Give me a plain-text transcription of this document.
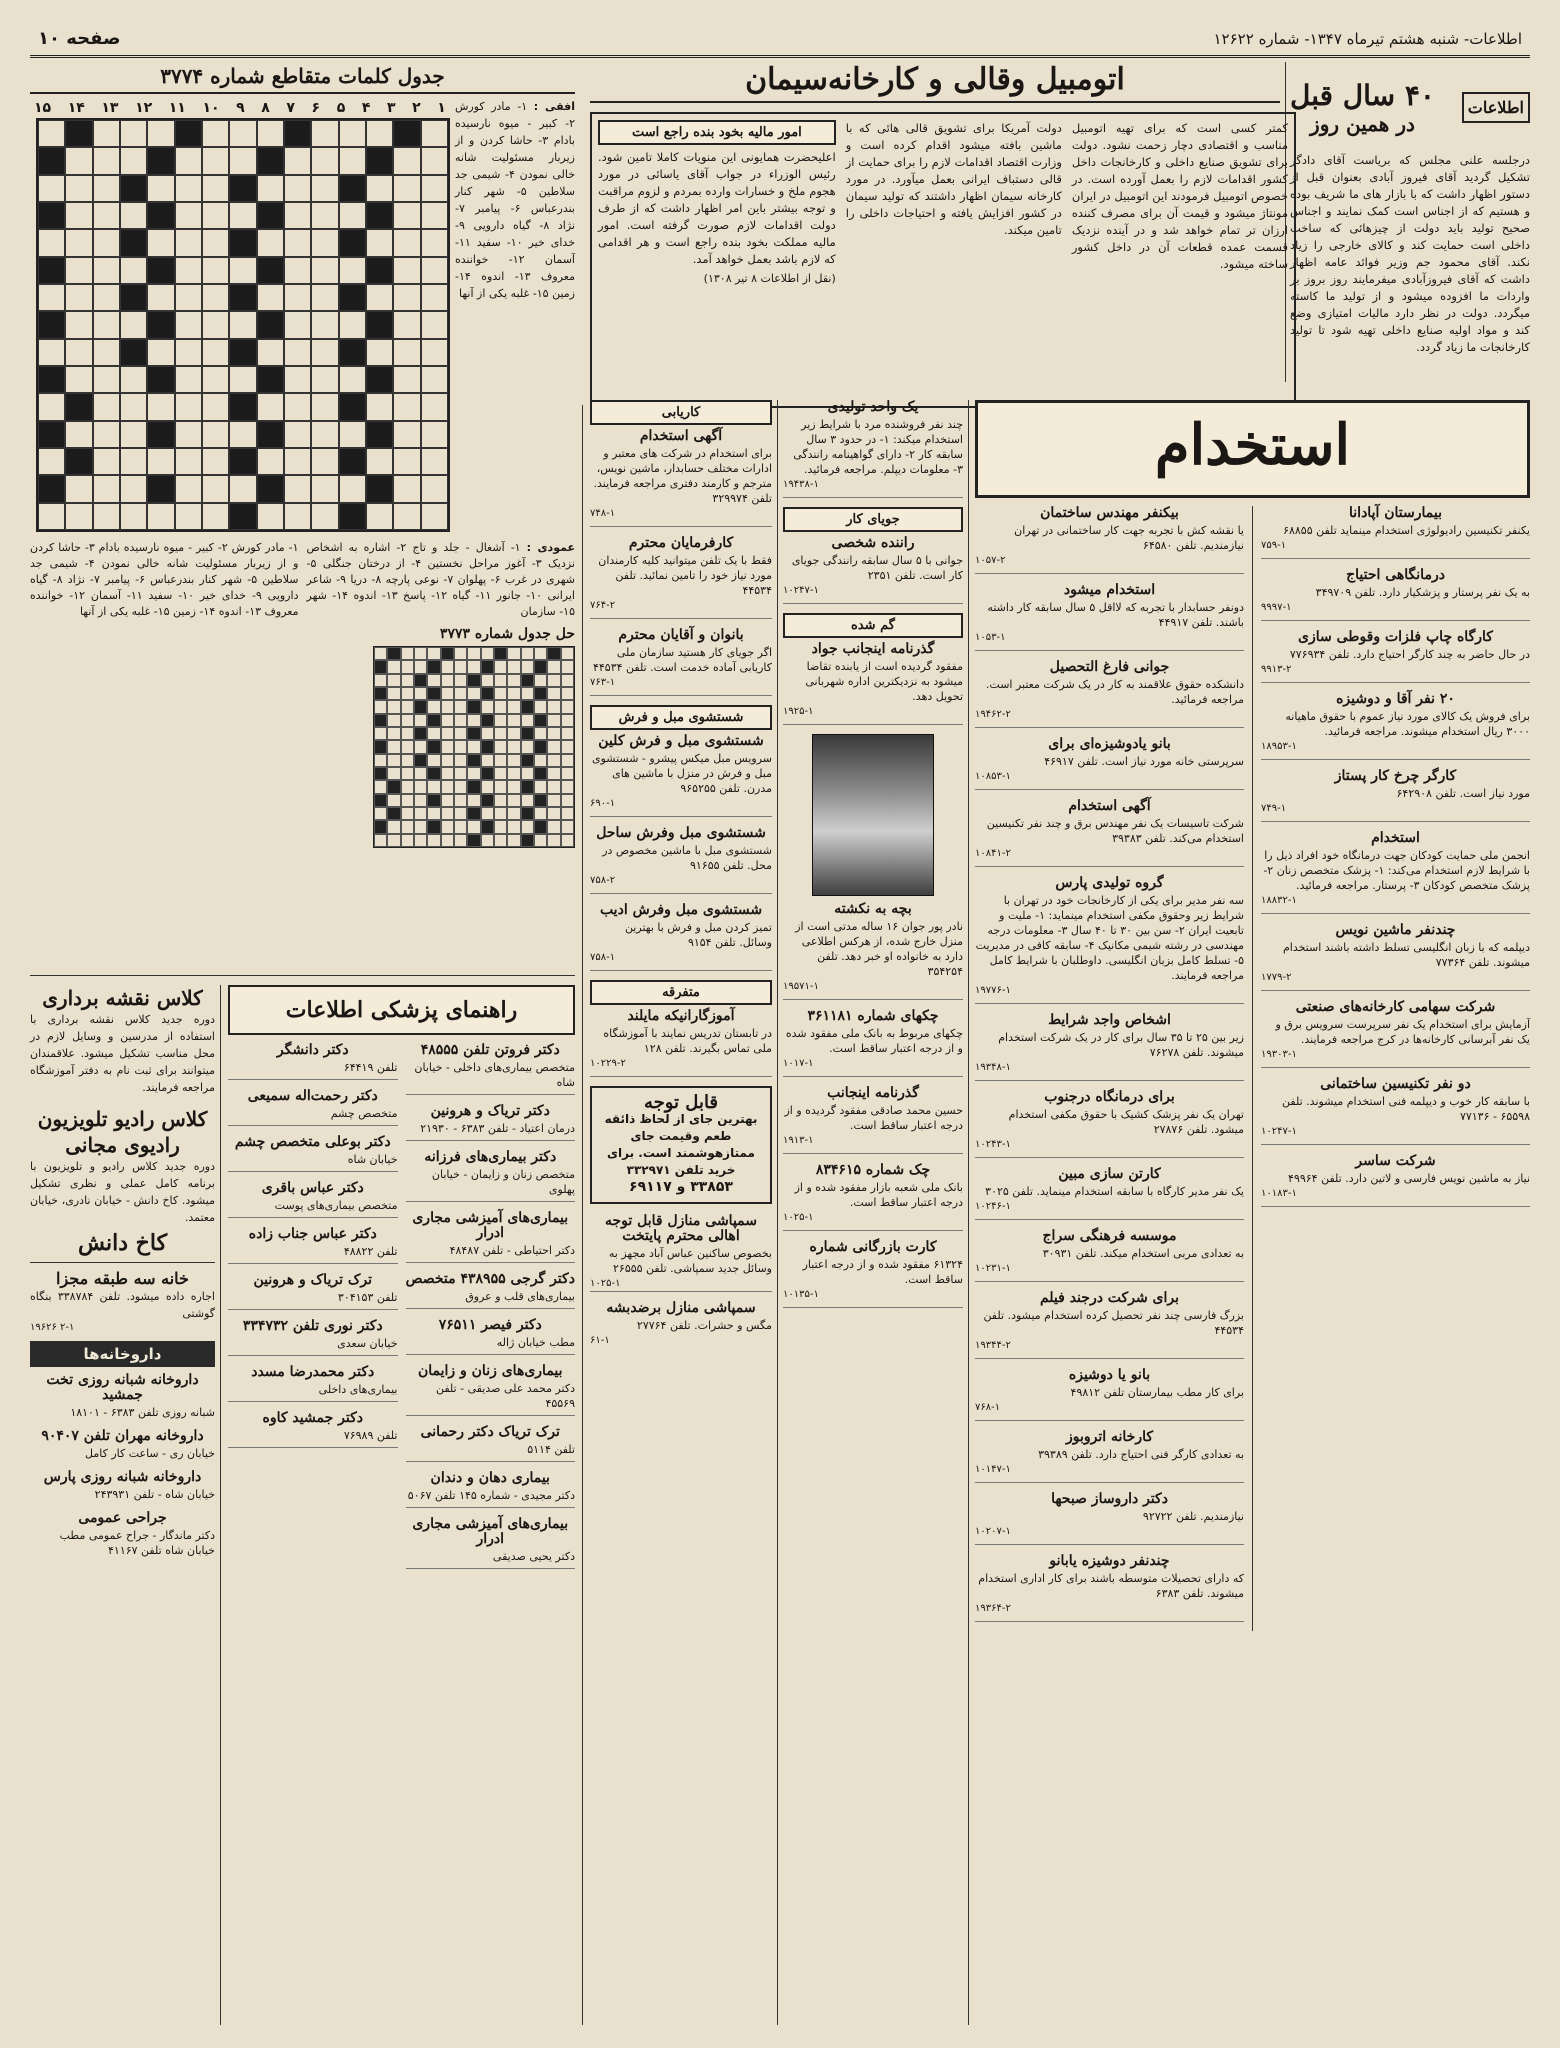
اطلاعات- شنبه هشتم تیرماه ۱۳۴۷- شماره ۱۲۶۲۲
صفحه ۱۰
اطلاعات
۴۰ سال قبل
در همین روز
درجلسه علنی مجلس که بریاست آقای دادگر تشکیل گردید آقای فیروز آبادی بعنوان قبل از دستور اظهار داشت که با بازار های ما شریف بوده و هستیم که از اجناس است کمک نمایند و اجناس صحیح تولید باید دولت از چیزهائی که ساخت داخلی است حمایت کند و کالای خارجی را زیاد نکند. آقای محمود جم وزیر فوائد عامه اظهار داشت که آقای فیروزآبادی میفرمایند روز بروز بر واردات ما افزوده میشود و از تولید ما کاسته میگردد. دولت در نظر دارد مالیات امتیازی وضع کند و مواد اولیه صنایع داخلی تهیه شود تا تولید کارخانجات ما زیاد گردد.
اتومبیل وقالی و کارخانه‌سیمان
کمتر کسی است که برای تهیه اتومبیل مناسب و اقتصادی دچار زحمت نشود. دولت برای تشویق صنایع داخلی و کارخانجات داخل کشور اقدامات لازم را بعمل آورده است. در خصوص اتومبیل فرمودند این اتومبیل در ایران مونتاژ میشود و قیمت آن برای مصرف کننده ارزان تر تمام خواهد شد و در آینده نزدیک قسمت عمده قطعات آن در داخل کشور ساخته میشود.
دولت آمریکا برای تشویق قالی هائی که با ماشین بافته میشود اقدام کرده است و وزارت اقتصاد اقدامات لازم را برای حمایت از قالی دستباف ایرانی بعمل میآورد. در مورد کارخانه سیمان اظهار داشتند که تولید سیمان در کشور افزایش یافته و احتیاجات داخلی را تامین میکند.
امور مالیه بخود بنده راجع است
اعلیحضرت همایونی این منویات کاملا تامین شود. رئیس الوزراء در جواب آقای یاسائی در مورد هجوم ملخ و خسارات وارده بمردم و لزوم مراقبت و توجه بیشتر باین امر اظهار داشت که از طرف دولت اقدامات لازم صورت گرفته است. امور مالیه مملکت بخود بنده راجع است و هر اقدامی که لازم باشد بعمل خواهد آمد.
(نقل از اطلاعات ۸ تیر ۱۳۰۸)
جدول کلمات متقاطع شماره ۳۷۷۴
افقی : ۱- مادر کورش ۲- کبیر - میوه نارسیده بادام ۳- حاشا کردن و از زیربار مسئولیت شانه خالی نمودن ۴- شیمی جد سلاطین ۵- شهر کنار بندرعباس ۶- پیامبر ۷- نژاد ۸- گیاه دارویی ۹- خدای خیر ۱۰- سفید ۱۱- آسمان ۱۲- خواننده معروف ۱۳- اندوه ۱۴- زمین ۱۵- غلبه یکی از آنها
۱۵ ۱۴ ۱۳ ۱۲ ۱۱ ۱۰ ۹ ۸ ۷ ۶ ۵ ۴ ۳ ۲ ۱
عمودی : ۱- آشغال - جلد و تاج ۲- اشاره به اشخاص نزدیک ۳- آغوز مراحل نخستین ۴- از درختان جنگلی ۵- شهری در غرب ۶- پهلوان ۷- نوعی پارچه ۸- دریا ۹- شاعر ایرانی ۱۰- جانور ۱۱- گیاه ۱۲- پاسخ ۱۳- اندوه ۱۴- شهر ۱۵- سازمان
۱- مادر کورش ۲- کبیر - میوه نارسیده بادام ۳- حاشا کردن و از زیربار مسئولیت شانه خالی نمودن ۴- شیمی جد سلاطین ۵- شهر کنار بندرعباس ۶- پیامبر ۷- نژاد ۸- گیاه دارویی ۹- خدای خیر ۱۰- سفید ۱۱- آسمان ۱۲- خواننده معروف ۱۳- اندوه ۱۴- زمین ۱۵- غلبه یکی از آنها
حل جدول شماره ۳۷۷۳
کلاس نقشه برداری
دوره جدید کلاس نقشه برداری با استفاده از مدرسین و وسایل لازم در محل مناسب تشکیل میشود. علاقمندان میتوانند برای ثبت نام به دفتر آموزشگاه مراجعه فرمایند.
کلاس رادیو تلویزیون رادیوی مجانی
دوره جدید کلاس رادیو و تلویزیون با برنامه کامل عملی و نظری تشکیل میشود. کاخ دانش - خیابان نادری، خیابان معتمد.
کاخ دانش
خانه سه طبقه مجزا
اجاره داده میشود. تلفن ۳۳۸۷۸۴ بنگاه گوشتی
۲-۱ ۱۹۶۲۶
داروخانه‌ها
داروخانه شبانه روزی تخت جمشید
شبانه روزی تلفن ۶۳۸۳ - ۱۸۱۰۱
داروخانه مهران تلفن ۹۰۴۰۷
خیابان ری - ساعت کار کامل
داروخانه شبانه روزی پارس
خیابان شاه - تلفن ۲۴۳۹۳۱
جراحی عمومی
دکتر ماندگار - جراح عمومی مطب خیابان شاه تلفن ۴۱۱۶۷
راهنمای پزشکی اطلاعات
دکتر فروتن تلفن ۴۸۵۵۵
متخصص بیماری‌های داخلی - خیابان شاه
دکتر تریاک و هرونین
درمان اعتیاد - تلفن ۶۳۸۳ - ۲۱۹۳۰
دکتر بیماری‌های فرزانه
متخصص زنان و زایمان - خیابان پهلوی
بیماری‌های آمیزشی مجاری ادرار
دکتر احتیاطی - تلفن ۴۸۴۸۷
دکتر گرجی ۴۳۸۹۵۵ متخصص
بیماری‌های قلب و عروق
دکتر فیصر ۷۶۵۱۱
مطب خیابان ژاله
بیماری‌های زنان و زایمان
دکتر محمد علی صدیقی - تلفن ۴۵۵۶۹
ترک تریاک دکتر رحمانی
تلفن ۵۱۱۴
بیماری دهان و دندان
دکتر مجیدی - شماره ۱۴۵ تلفن ۵۰۶۷
بیماری‌های آمیزشی مجاری ادرار
دکتر یحیی صدیقی
دکتر دانشگر
تلفن ۶۴۴۱۹
دکتر رحمت‌اله سمیعی
متخصص چشم
دکتر بوعلی متخصص چشم
خیابان شاه
دکتر عباس باقری
متخصص بیماری‌های پوست
دکتر عباس جناب زاده
تلفن ۴۸۸۲۲
ترک تریاک و هرونین
تلفن ۳۰۴۱۵۳
دکتر نوری تلفن ۳۳۴۷۳۲
خیابان سعدی
دکتر محمدرضا مسدد
بیماری‌های داخلی
دکتر جمشید کاوه
تلفن ۷۶۹۸۹
کاریابی
آگهی استخدام
برای استخدام در شرکت های معتبر و ادارات مختلف حسابدار، ماشین نویس، مترجم و کارمند دفتری مراجعه فرمایند. تلفن ۳۲۹۹۷۴
۷۴۸-۱
کارفرمایان محترم
فقط با یک تلفن میتوانید کلیه کارمندان مورد نیاز خود را تامین نمائید. تلفن ۴۴۵۳۴
۷۶۴-۲
بانوان و آقایان محترم
اگر جویای کار هستید سازمان ملی کاریابی آماده خدمت است. تلفن ۴۴۵۳۴
۷۶۳-۱
شستشوی مبل و فرش
شستشوی مبل و فرش کلین
سرویس مبل میکس پیشرو - شستشوی مبل و فرش در منزل با ماشین های مدرن. تلفن ۹۶۵۲۵۵
۶۹۰-۱
شستشوی مبل وفرش ساحل
شستشوی مبل با ماشین مخصوص در محل. تلفن ۹۱۶۵۵
۷۵۸-۲
شستشوی مبل وفرش ادیب
تمیز کردن مبل و فرش با بهترین وسائل. تلفن ۹۱۵۴
۷۵۸-۱
متفرقه
آموزگارانیکه مایلند
در تابستان تدریس نمایند با آموزشگاه ملی تماس بگیرند. تلفن ۱۲۸
۱۰۲۲۹-۲
قابل توجه
بهترین جای از لحاظ ذائقه طعم وقیمت جای ممتازهوشمند است. برای خرید تلفن ۳۳۲۹۷۱
۳۳۸۵۳ و ۶۹۱۱۷
سمپاشی منازل قابل توجه اهالی محترم پایتخت
بخصوص ساکنین عباس آباد مجهز به وسائل جدید سمپاشی. تلفن ۲۶۵۵۵
۱۰۲۵-۱
سمپاشی منازل برضدبشه
مگس و حشرات. تلفن ۲۷۷۶۴
۶۱-۱
یک واحد تولیدی
چند نفر فروشنده مرد با شرایط زیر استخدام میکند: ۱- در حدود ۳ سال سابقه کار ۲- دارای گواهینامه رانندگی ۳- معلومات دیپلم. مراجعه فرمائید.
۱۹۴۳۸-۱
جویای کار
راننده شخصی
جوانی با ۵ سال سابقه رانندگی جویای کار است. تلفن ۲۳۵۱
۱۰۲۴۷-۱
گم شده
گذرنامه اینجانب جواد
مفقود گردیده است از یابنده تقاضا میشود به نزدیکترین اداره شهربانی تحویل دهد.
۱۹۲۵-۱
بچه به نکشته
نادر پور جوان ۱۶ ساله مدتی است از منزل خارج شده، از هرکس اطلاعی دارد به خانواده او خبر دهد. تلفن ۳۵۴۲۵۴
۱۹۵۷۱-۱
چکهای شماره ۳۶۱۱۸۱
چکهای مربوط به بانک ملی مفقود شده و از درجه اعتبار ساقط است.
۱۰۱۷-۱
گذرنامه اینجانب
حسین محمد صادقی مفقود گردیده و از درجه اعتبار ساقط است.
۱۹۱۳-۱
چک شماره ۸۳۴۶۱۵
بانک ملی شعبه بازار مفقود شده و از درجه اعتبار ساقط است.
۱۰۲۵-۱
کارت بازرگانی شماره
۶۱۳۲۴ مفقود شده و از درجه اعتبار ساقط است.
۱۰۱۳۵-۱
استخدام
بیمارستان آپادانا
یکنفر تکنیسین رادیولوژی استخدام مینماید تلفن ۶۸۸۵۵
۷۵۹-۱
درمانگاهی احتیاج
به یک نفر پرستار و پزشکیار دارد. تلفن ۳۴۹۷۰۹
۹۹۹۷-۱
کارگاه چاپ فلزات وقوطی سازی
در حال حاضر به چند کارگر احتیاج دارد. تلفن ۷۷۶۹۳۴
۹۹۱۳-۲
۲۰ نفر آقا و دوشیزه
برای فروش یک کالای مورد نیاز عموم با حقوق ماهیانه ۳۰۰۰ ریال استخدام میشوند. مراجعه فرمائید.
۱۸۹۵۳-۱
کارگر چرخ کار پستاز
مورد نیاز است. تلفن ۶۴۲۹۰۸
۷۴۹-۱
استخدام
انجمن ملی حمایت کودکان جهت درمانگاه خود افراد ذیل را با شرایط لازم استخدام می‌کند: ۱- پزشک متخصص زنان ۲- پزشک متخصص کودکان ۳- پرستار. مراجعه فرمائید.
۱۸۸۳۲-۱
چندنفر ماشین نویس
دیپلمه که با زبان انگلیسی تسلط داشته باشند استخدام میشوند. تلفن ۷۷۳۶۴
۱۷۷۹-۲
شرکت سهامی کارخانه‌های صنعتی
آزمایش برای استخدام یک نفر سرپرست سرویس برق و یک نفر آبرسانی کارخانه‌ها در کرج مراجعه فرمایند.
۱۹۳۰۳-۱
دو نفر تکنیسین ساختمانی
با سابقه کار خوب و دیپلمه فنی استخدام میشوند. تلفن ۶۵۵۹۸ - ۷۷۱۳۶
۱۰۲۴۷-۱
شرکت ساسر
نیاز به ماشین نویس فارسی و لاتین دارد. تلفن ۴۹۹۶۴
۱۰۱۸۳-۱
بیکنفر مهندس ساختمان
یا نقشه کش با تجربه جهت کار ساختمانی در تهران نیازمندیم. تلفن ۶۴۵۸۰
۱۰۵۷-۲
استخدام میشود
دونفر حسابدار با تجربه که لااقل ۵ سال سابقه کار داشته باشند. تلفن ۴۴۹۱۷
۱۰۵۳-۱
جوانی فارغ التحصیل
دانشکده حقوق علاقمند به کار در یک شرکت معتبر است. مراجعه فرمائید.
۱۹۴۶۲-۲
بانو یادوشیزه‌ای برای
سرپرستی خانه مورد نیاز است. تلفن ۴۶۹۱۷
۱۰۸۵۳-۱
آگهی استخدام
شرکت تاسیسات یک نفر مهندس برق و چند نفر تکنیسین استخدام می‌کند. تلفن ۳۹۳۸۳
۱۰۸۴۱-۲
گروه تولیدی پارس
سه نفر مدیر برای یکی از کارخانجات خود در تهران با شرایط زیر وحقوق مکفی استخدام مینماید: ۱- ملیت و تابعیت ایران ۲- سن بین ۳۰ تا ۴۰ سال ۳- معلومات درجه مهندسی در رشته شیمی مکانیک ۴- سابقه کافی در مدیریت ۵- تسلط کامل بزبان انگلیسی. داوطلبان با شرایط کامل مراجعه فرمایند.
۱۹۷۷۶-۱
اشخاص واجد شرایط
زیر بین ۲۵ تا ۳۵ سال برای کار در یک شرکت استخدام میشوند. تلفن ۷۶۲۷۸
۱۹۳۴۸-۱
برای درمانگاه درجنوب
تهران یک نفر پزشک کشیک با حقوق مکفی استخدام میشود. تلفن ۲۷۸۷۶
۱۰۲۴۳-۱
کارتن سازی مبین
یک نفر مدیر کارگاه با سابقه استخدام مینماید. تلفن ۳۰۲۵
۱۰۲۴۶-۱
موسسه فرهنگی سراج
به تعدادی مربی استخدام میکند. تلفن ۳۰۹۳۱
۱۰۲۳۱-۱
برای شرکت درجند فیلم
بزرگ فارسی چند نفر تحصیل کرده استخدام میشود. تلفن ۴۴۵۳۴
۱۹۳۴۴-۲
بانو یا دوشیزه
برای کار مطب بیمارستان تلفن ۴۹۸۱۲
۷۶۸-۱
کارخانه اتروبوز
به تعدادی کارگر فنی احتیاج دارد. تلفن ۳۹۳۸۹
۱۰۱۴۷-۱
دکتر داروساز صبحها
نیازمندیم. تلفن ۹۲۷۲۲
۱۰۲۰۷-۱
چندنفر دوشیزه یابانو
که دارای تحصیلات متوسطه باشند برای کار اداری استخدام میشوند. تلفن ۶۳۸۳
۱۹۳۶۴-۲
